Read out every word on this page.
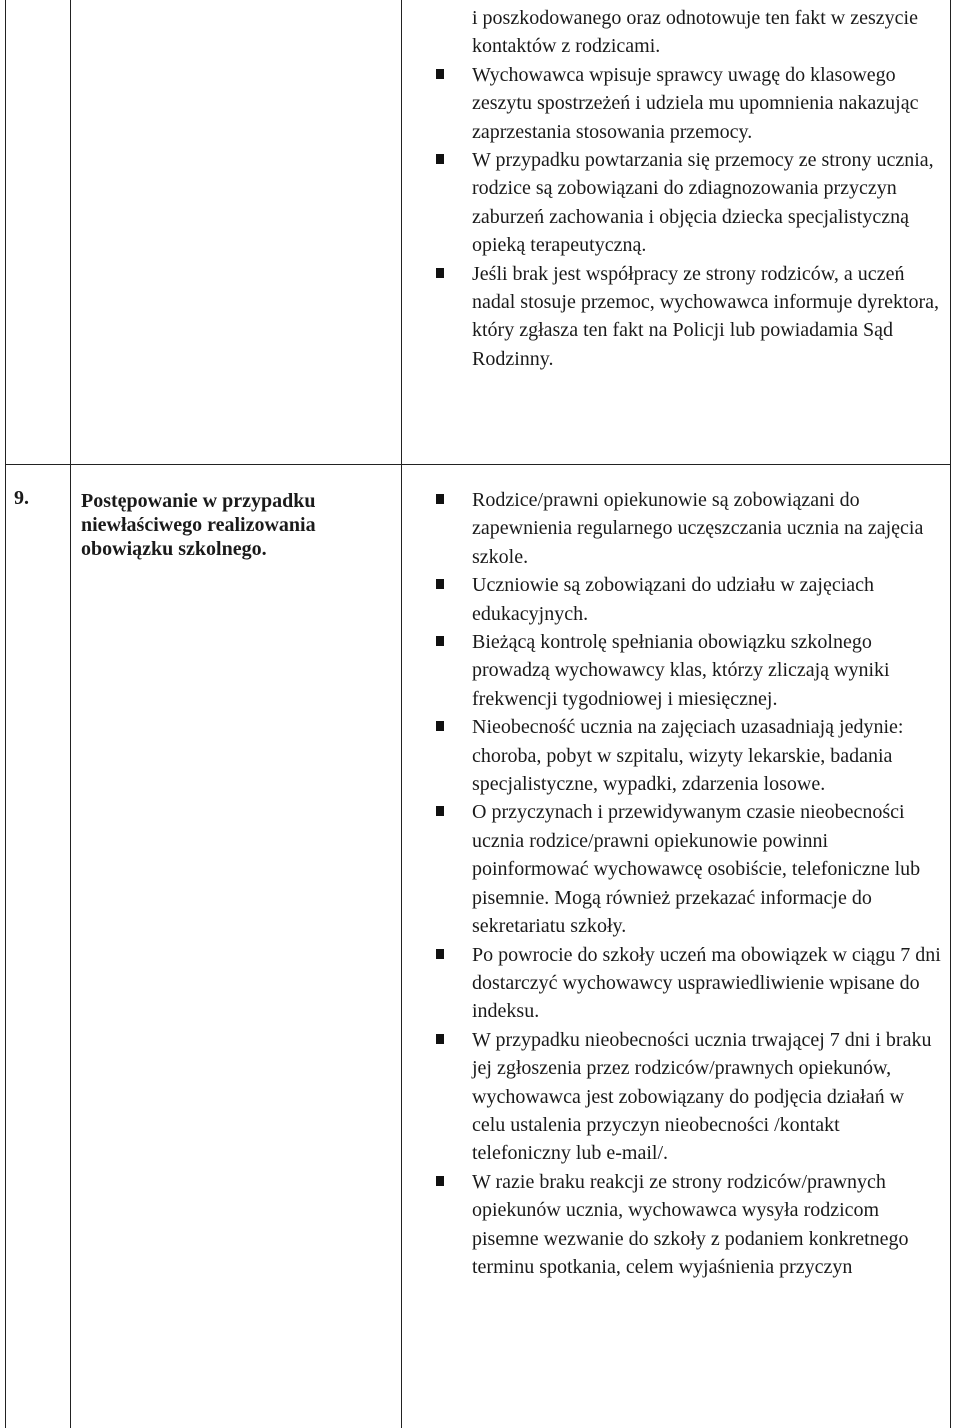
i poszkodowanego oraz odnotowuje ten fakt w zeszycie kontaktów z rodzicami.
Wychowawca wpisuje sprawcy uwagę do klasowego zeszytu spostrzeżeń i udziela mu upomnienia nakazując zaprzestania stosowania przemocy.
W przypadku powtarzania się przemocy ze strony ucznia, rodzice są zobowiązani do zdiagnozowania przyczyn zaburzeń zachowania i objęcia dziecka specjalistyczną opieką terapeutyczną.
Jeśli brak jest współpracy ze strony rodziców, a uczeń nadal stosuje przemoc, wychowawca informuje dyrektora, który zgłasza ten fakt na Policji lub powiadamia Sąd Rodzinny.
9.	Postępowanie w przypadku niewłaściwego realizowania obowiązku szkolnego.
Rodzice/prawni opiekunowie są zobowiązani do zapewnienia regularnego uczęszczania ucznia na zajęcia szkole.
Uczniowie są zobowiązani do udziału w zajęciach edukacyjnych.
Bieżącą kontrolę spełniania obowiązku szkolnego prowadzą wychowawcy klas, którzy zliczają wyniki frekwencji tygodniowej i miesięcznej.
Nieobecność ucznia na zajęciach uzasadniają jedynie: choroba, pobyt w szpitalu, wizyty lekarskie, badania specjalistyczne, wypadki, zdarzenia losowe.
O przyczynach i przewidywanym czasie nieobecności ucznia rodzice/prawni opiekunowie powinni poinformować wychowawcę osobiście, telefoniczne lub pisemnie. Mogą również przekazać informacje do sekretariatu szkoły.
Po powrocie do szkoły uczeń ma obowiązek w ciągu 7 dni dostarczyć wychowawcy usprawiedliwienie wpisane do indeksu.
W przypadku nieobecności ucznia trwającej 7 dni i braku jej zgłoszenia przez rodziców/prawnych opiekunów, wychowawca jest zobowiązany do podjęcia działań w celu ustalenia przyczyn nieobecności /kontakt telefoniczny lub e-mail/.
W razie braku reakcji ze strony rodziców/prawnych opiekunów ucznia, wychowawca wysyła rodzicom pisemne wezwanie do szkoły z podaniem konkretnego terminu spotkania, celem wyjaśnienia przyczyn
